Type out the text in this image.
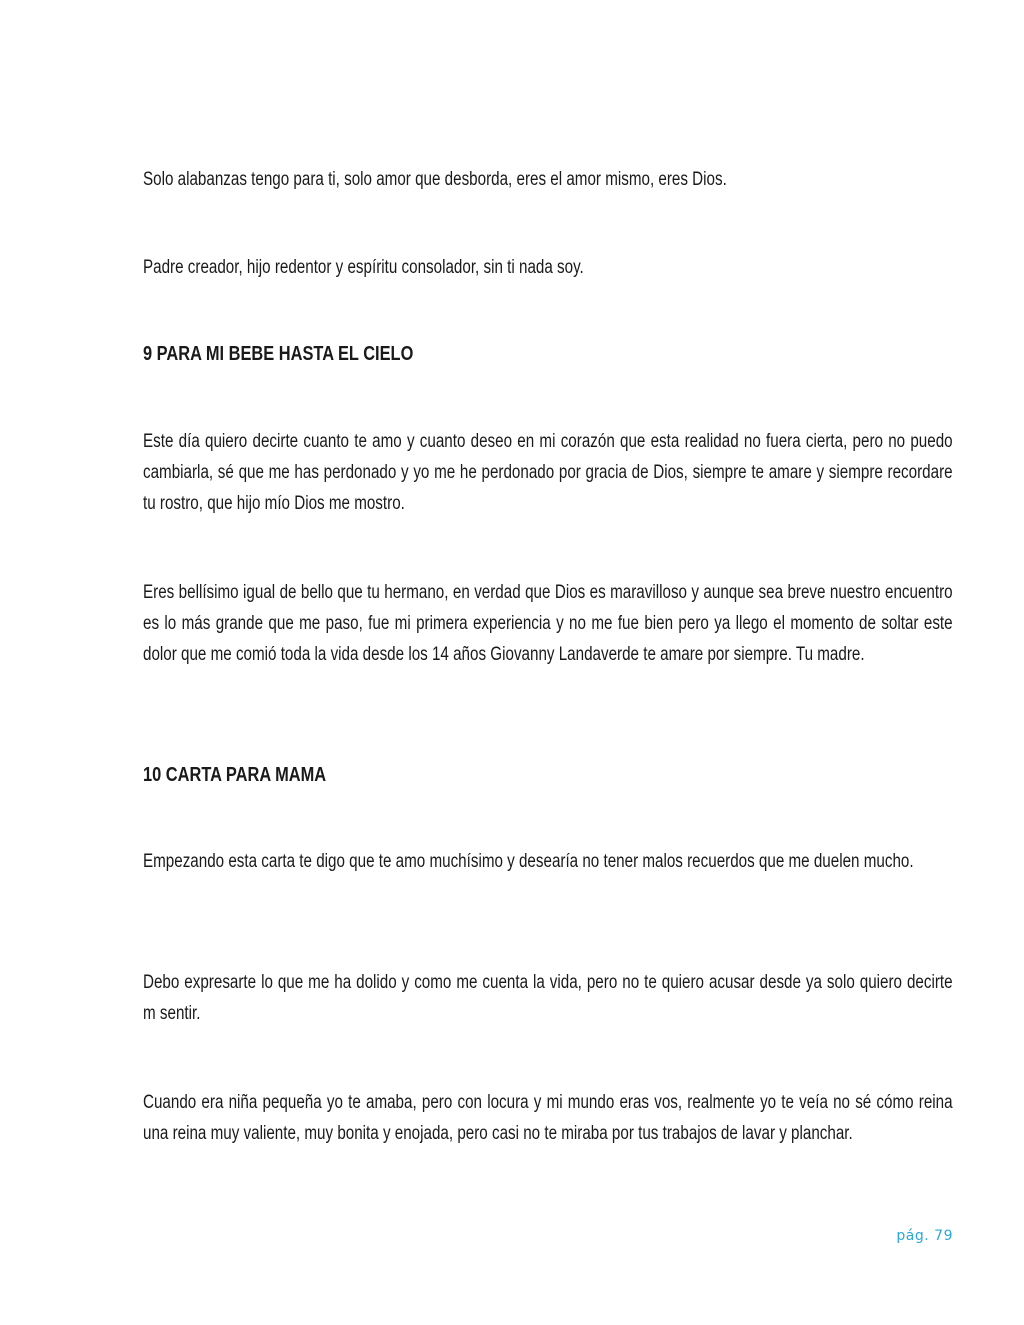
Solo alabanzas tengo para ti, solo amor que desborda, eres el amor mismo, eres Dios.

Padre creador, hijo redentor y espíritu consolador, sin ti nada soy.

9 PARA MI BEBE HASTA EL CIELO

Este día quiero decirte cuanto te amo y cuanto deseo en mi corazón que esta realidad no fuera cierta, pero no puedo cambiarla, sé que me has perdonado y yo me he perdonado por gracia de Dios, siempre te amare y siempre recordare tu rostro, que hijo mío Dios me mostro.

Eres bellísimo igual de bello que tu hermano, en verdad que Dios es maravilloso y aunque sea breve nuestro encuentro es lo más grande que me paso, fue mi primera experiencia y no me fue bien pero ya llego el momento de soltar este dolor que me comió toda la vida desde los 14 años Giovanny Landaverde te amare por siempre. Tu madre.

10 CARTA PARA MAMA

Empezando esta carta te digo que te amo muchísimo y desearía no tener malos recuerdos que me duelen mucho.

Debo expresarte lo que me ha dolido y como me cuenta la vida, pero no te quiero acusar desde ya solo quiero decirte m sentir.

Cuando era niña pequeña yo te amaba, pero con locura y mi mundo eras vos, realmente yo te veía no sé cómo reina una reina muy valiente, muy bonita y enojada, pero casi no te miraba por tus trabajos de lavar y planchar.

pág. 79
